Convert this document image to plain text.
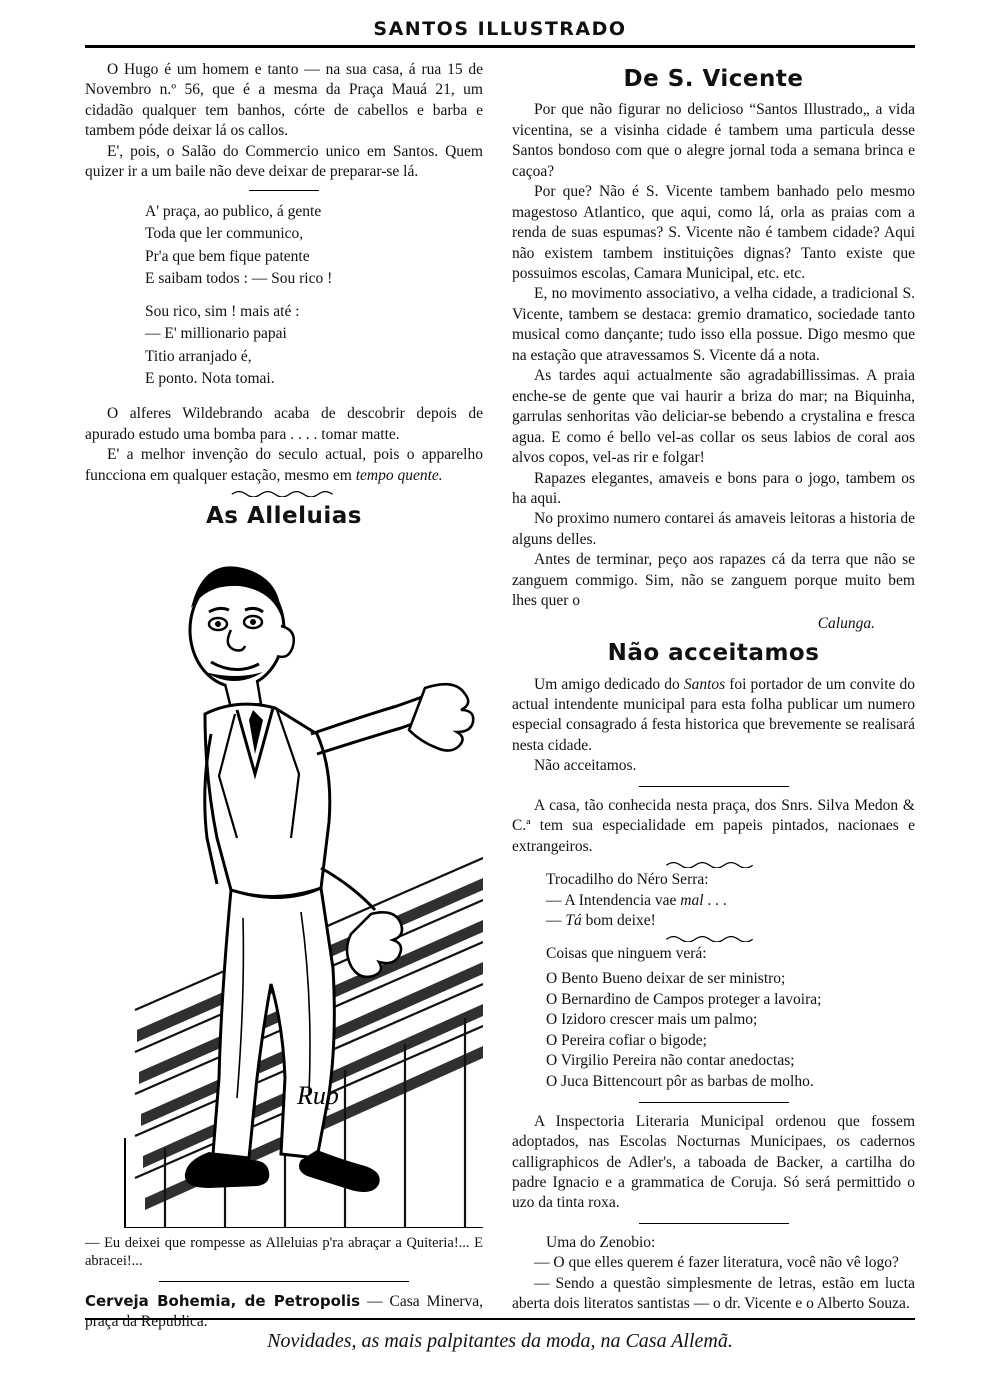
SANTOS ILLUSTRADO

O Hugo é um homem e tanto — na sua casa, á rua 15 de Novembro n.º 56, que é a mesma da Praça Mauá 21, um cidadão qualquer tem banhos, córte de cabellos e barba e tambem póde deixar lá os callos.

E', pois, o Salão do Commercio unico em Santos. Quem quizer ir a um baile não deve deixar de preparar-se lá.

A' praça, ao publico, á gente
Toda que ler communico,
Pr'a que bem fique patente
E saibam todos : — Sou rico !
Sou rico, sim ! mais até :
— E' millionario papai
Titio arranjado é,
E ponto. Nota tomai.

O alferes Wildebrando acaba de descobrir depois de apurado estudo uma bomba para . . . . tomar matte.

E' a melhor invenção do seculo actual, pois o apparelho funcciona em qualquer estação, mesmo em tempo quente.

As Alleluias
Rup
— Eu deixei que rompesse as Alleluias p'ra abraçar a Quiteria!... E abracei!...
Cerveja Bohemia, de Petropolis — Casa Minerva, praça da Republica.
De S. Vicente

Por que não figurar no delicioso “Santos Illustrado„ a vida vicentina, se a visinha cidade é tambem uma particula desse Santos bondoso com que o alegre jornal toda a semana brinca e caçoa?

Por que? Não é S. Vicente tambem banhado pelo mesmo magestoso Atlantico, que aqui, como lá, orla as praias com a renda de suas espumas? S. Vicente não é tambem cidade? Aqui não existem tambem instituições dignas? Tanto existe que possuimos escolas, Camara Municipal, etc. etc.

E, no movimento associativo, a velha cidade, a tradicional S. Vicente, tambem se destaca: gremio dramatico, sociedade tanto musical como dançante; tudo isso ella possue. Digo mesmo que na estação que atravessamos S. Vicente dá a nota.

As tardes aqui actualmente são agradabillissimas. A praia enche-se de gente que vai haurir a briza do mar; na Biquinha, garrulas senhoritas vão deliciar-se bebendo a crystalina e fresca agua. E como é bello vel-as collar os seus labios de coral aos alvos copos, vel-as rir e folgar!

Rapazes elegantes, amaveis e bons para o jogo, tambem os ha aqui.

No proximo numero contarei ás amaveis leitoras a historia de alguns delles.

Antes de terminar, peço aos rapazes cá da terra que não se zanguem commigo. Sim, não se zanguem porque muito bem lhes quer o

Calunga.
Não acceitamos

Um amigo dedicado do Santos foi portador de um convite do actual intendente municipal para esta folha publicar um numero especial consagrado á festa historica que brevemente se realisará nesta cidade.

Não acceitamos.

A casa, tão conhecida nesta praça, dos Snrs. Silva Medon & C.ª tem sua especialidade em papeis pintados, nacionaes e extrangeiros.

Trocadilho do Néro Serra:

— A Intendencia vae mal . . .
— Tá bom deixe!

Coisas que ninguem verá:

O Bento Bueno deixar de ser ministro;
O Bernardino de Campos proteger a lavoira;
O Izidoro crescer mais um palmo;
O Pereira cofiar o bigode;
O Virgilio Pereira não contar anedoctas;
O Juca Bittencourt pôr as barbas de molho.

A Inspectoria Literaria Municipal ordenou que fossem adoptados, nas Escolas Nocturnas Municipaes, os cadernos calligraphicos de Adler's, a taboada de Backer, a cartilha do padre Ignacio e a grammatica de Coruja. Só será permittido o uzo da tinta roxa.

Uma do Zenobio:

— O que elles querem é fazer literatura, você não vê logo?

— Sendo a questão simplesmente de letras, estão em lucta aberta dois literatos santistas — o dr. Vicente e o Alberto Souza.

Novidades, as mais palpitantes da moda, na Casa Allemã.
